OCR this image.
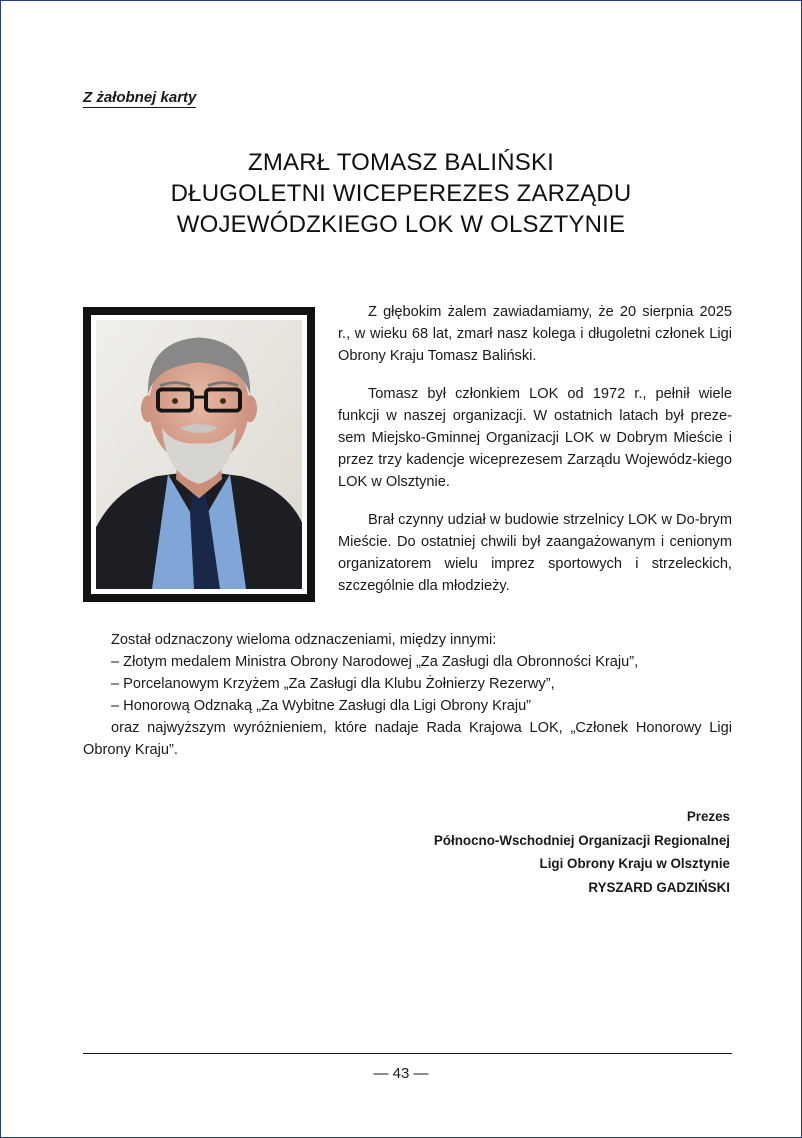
Z żałobnej karty
ZMARŁ TOMASZ BALIŃSKI
DŁUGOLETNI WICEPEREZES ZARZĄDU
WOJEWÓDZKIEGO LOK W OLSZTYNIE

Z głębokim żalem zawiadamiamy, że 20 sierpnia 2025 r., w wieku 68 lat, zmarł nasz kolega i długoletni członek Ligi Obrony Kraju Tomasz Baliński.

Tomasz był członkiem LOK od 1972 r., pełnił wiele funkcji w naszej organizacji. W ostatnich latach był preze-sem Miejsko-Gminnej Organizacji LOK w Dobrym Mieście i przez trzy kadencje wiceprezesem Zarządu Wojewódz-kiego LOK w Olsztynie.

Brał czynny udział w budowie strzelnicy LOK w Do-brym Mieście. Do ostatniej chwili był zaangażowanym i cenionym organizatorem wielu imprez sportowych i strzeleckich, szczególnie dla młodzieży.

Został odznaczony wieloma odznaczeniami, między innymi:
– Złotym medalem Ministra Obrony Narodowej „Za Zasługi dla Obronności Kraju”,
– Porcelanowym Krzyżem „Za Zasługi dla Klubu Żołnierzy Rezerwy”,
– Honorową Odznaką „Za Wybitne Zasługi dla Ligi Obrony Kraju”
oraz najwyższym wyróżnieniem, które nadaje Rada Krajowa LOK, „Członek Honorowy Ligi Obrony Kraju”.
Prezes
Północno-Wschodniej Organizacji Regionalnej
Ligi Obrony Kraju w Olsztynie
RYSZARD GADZIŃSKI
— 43 —
